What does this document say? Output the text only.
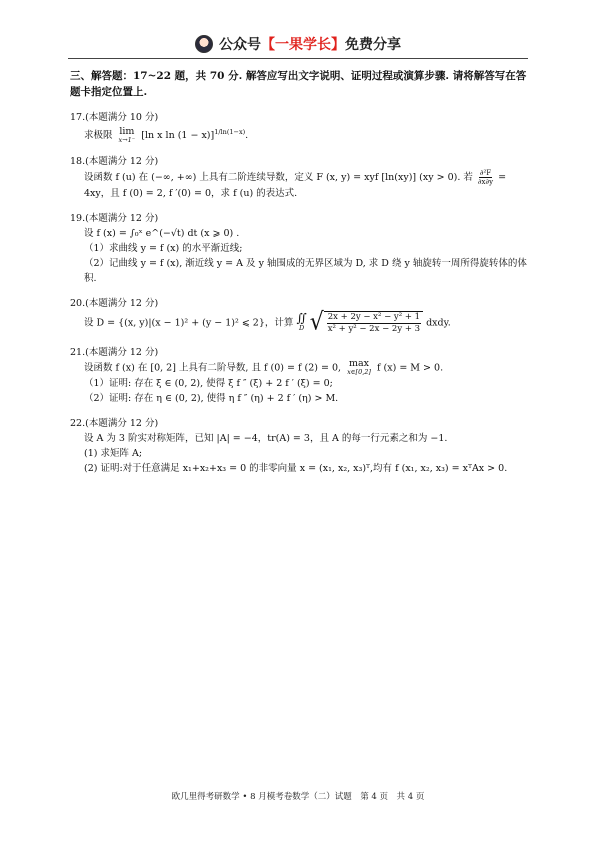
公众号【一果学长】免费分享
三、解答题：17~22 题，共 70 分. 解答应写出文字说明、证明过程或演算步骤. 请将解答写在答题卡指定位置上.
17.(本题满分 10 分)
求极限 lim
x→1⁻ [ln x ln (1 − x)]$^{1/ln(1-x)}$.
18.(本题满分 12 分)
设函数 f (u) 在 (−∞, +∞) 上具有二阶连续导数，定义 F (x, y) = xyf [ln(xy)] (xy > 0). 若 $\frac{\text{∂²F}}{\partial x\partial y}$ =
4xy，且 f (0) = 2, f ′(0) = 0，求 f (u) 的表达式.
19.(本题满分 12 分)
设 f (x) = ∫₀ˣ e^(−√t) dt (x ⩾ 0) .
（1）求曲线 y = f (x) 的水平渐近线;
（2）记曲线 y = f (x), 渐近线 y = A 及 y 轴围成的无界区域为 D, 求 D 绕 y 轴旋转一周所得旋转体的体积.
20.(本题满分 12 分)
设 D = {(x, y)|(x − 1)² + (y − 1)² ⩽ 2}，计算 ∬
D
√ $\frac{\text{2x + 2y − x² − y² + 1}}{\text{x² + y² − 2x − 2y + 3}}$ dxdy.
21.(本题满分 12 分)
设函数 f (x) 在 [0, 2] 上具有二阶导数, 且 f (0) = f (2) = 0, max
x∈[0,2] f (x) = M > 0.
（1）证明: 存在 ξ ∈ (0, 2), 使得 ξ f ″ (ξ) + 2 f ′ (ξ) = 0;
（2）证明: 存在 η ∈ (0, 2), 使得 η f ″ (η) + 2 f ′ (η) > M.
22.(本题满分 12 分)
设 A 为 3 阶实对称矩阵，已知 |A| = −4，tr(A) = 3，且 A 的每一行元素之和为 −1.
(1) 求矩阵 A;
(2) 证明:对于任意满足 x₁+x₂+x₃ = 0 的非零向量 x = (x₁, x₂, x₃)ᵀ,均有 f (x₁, x₂, x₃) = xᵀAx > 0.
欧几里得考研数学 • 8 月模考卷数学（二）试题　第 4 页　共 4 页
